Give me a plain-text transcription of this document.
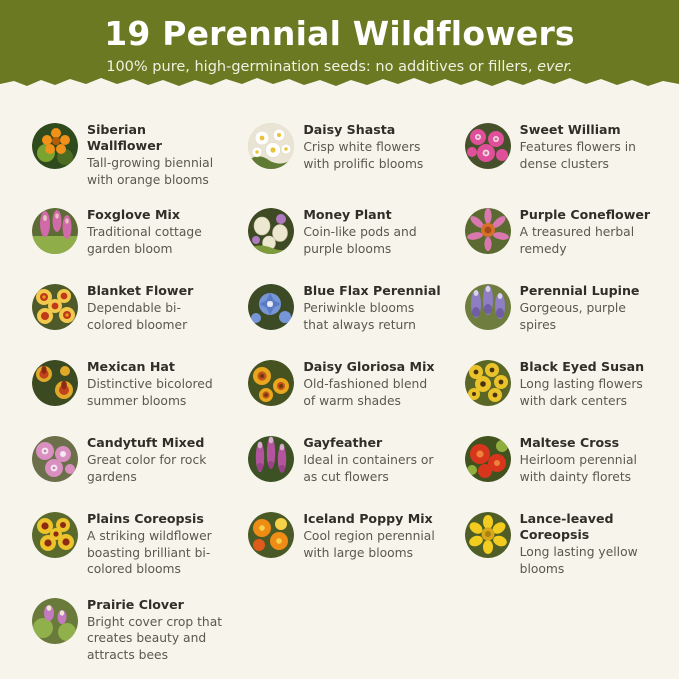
19 Perennial Wildflowers
100% pure, high-germination seeds: no additives or fillers, ever.
Siberian Wallflower
Tall-growing biennial with orange blooms
Daisy Shasta
Crisp white flowers with prolific blooms
Sweet William
Features flowers in dense clusters
Foxglove Mix
Traditional cottage garden bloom
Money Plant
Coin-like pods and purple blooms
Purple Coneflower
A treasured herbal remedy
Blanket Flower
Dependable bi-colored bloomer
Blue Flax Perennial
Periwinkle blooms that always return
Perennial Lupine
Gorgeous, purple spires
Mexican Hat
Distinctive bicolored summer blooms
Daisy Gloriosa Mix
Old-fashioned blend of warm shades
Black Eyed Susan
Long lasting flowers with dark centers
Candytuft Mixed
Great color for rock gardens
Gayfeather
Ideal in containers or as cut flowers
Maltese Cross
Heirloom perennial with dainty florets
Plains Coreopsis
A striking wildflower boasting brilliant bi-colored blooms
Iceland Poppy Mix
Cool region perennial with large blooms
Lance-leaved Coreopsis
Long lasting yellow blooms
Prairie Clover
Bright cover crop that creates beauty and attracts bees
